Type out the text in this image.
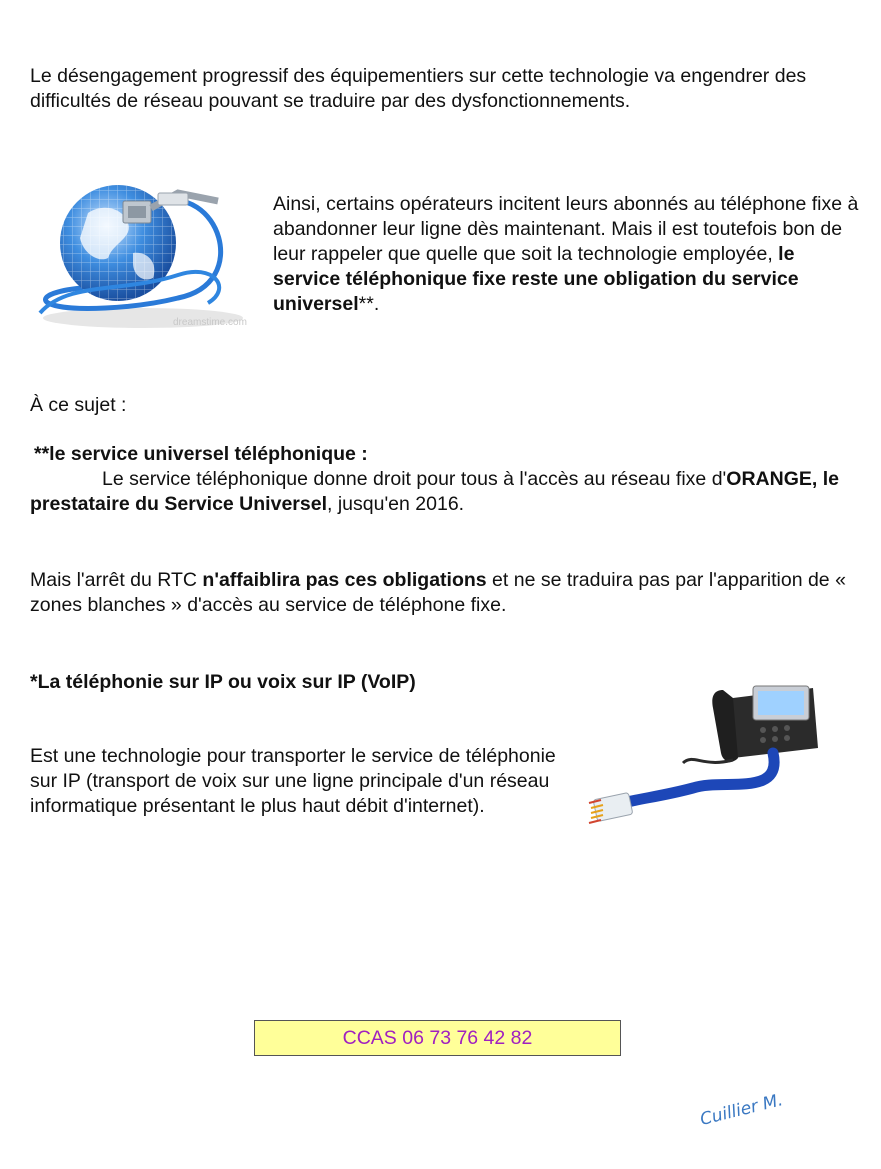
Le désengagement progressif des équipementiers sur cette technologie va engendrer des difficultés de réseau pouvant se traduire par des dysfonctionnements.

dreamstime.com

Ainsi, certains opérateurs incitent leurs abonnés au téléphone fixe à abandonner leur ligne dès maintenant. Mais il est toutefois bon de leur rappeler que quelle que soit la technologie employée, le service téléphonique fixe reste une obligation du service universel**.

À ce sujet :

**le service universel téléphonique :

Le service téléphonique donne droit pour tous à l'accès au réseau fixe d'ORANGE, le prestataire du Service Universel, jusqu'en 2016.

Mais l'arrêt du RTC n'affaiblira pas ces obligations et ne se traduira pas par l'apparition de « zones blanches » d'accès au service de téléphone fixe.

*La téléphonie sur IP ou voix sur IP (VoIP)

Est une technologie pour transporter le service de téléphonie sur IP (transport de voix sur une ligne principale d'un réseau informatique présentant le plus haut débit d'internet).

CCAS 06 73 76 42 82
Cuillier M.
